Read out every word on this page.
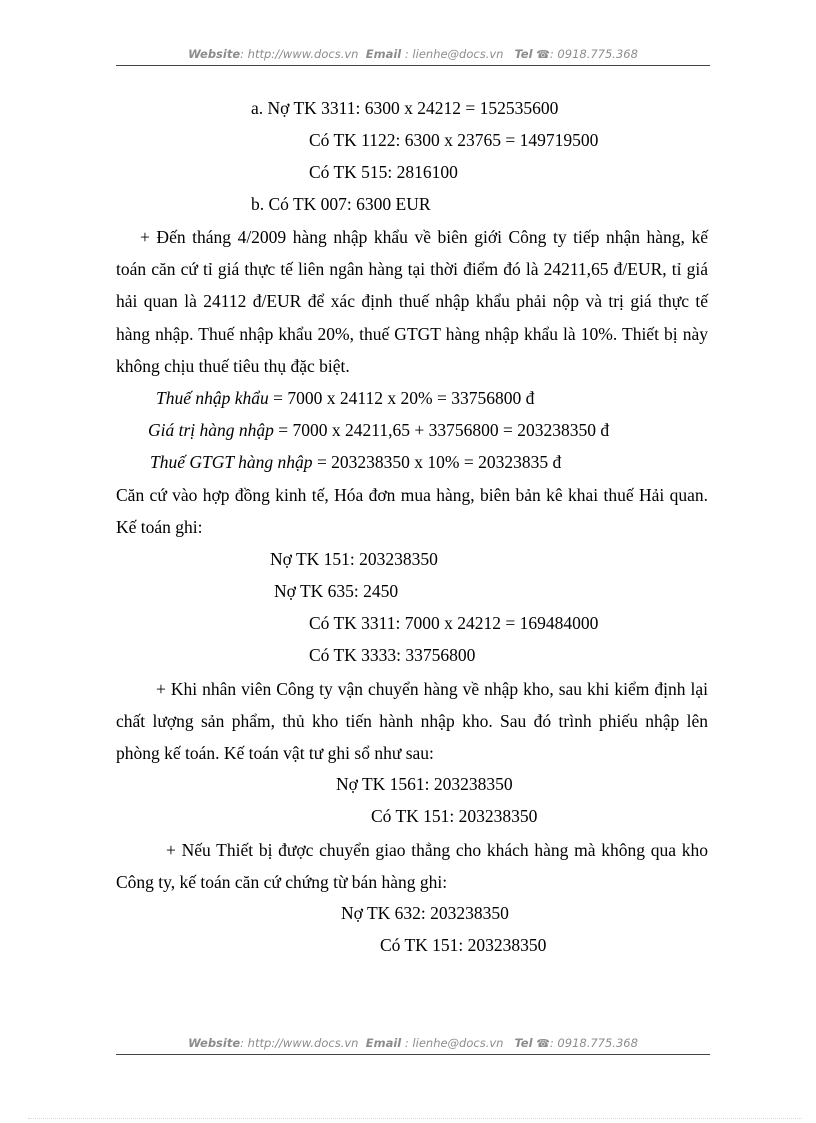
Website: http://www.docs.vn Email : lienhe@docs.vn Tel ☎: 0918.775.368
a. Nợ TK 3311: 6300 x 24212 = 152535600
Có TK 1122: 6300 x 23765 = 149719500
Có TK 515: 2816100
b. Có TK 007: 6300 EUR

+ Đến tháng 4/2009 hàng nhập khẩu về biên giới Công ty tiếp nhận hàng, kế toán căn cứ tỉ giá thực tế liên ngân hàng tại thời điểm đó là 24211,65 đ/EUR, tỉ giá hải quan là 24112 đ/EUR để xác định thuế nhập khẩu phải nộp và trị giá thực tế hàng nhập. Thuế nhập khẩu 20%, thuế GTGT hàng nhập khẩu là 10%. Thiết bị này không chịu thuế tiêu thụ đặc biệt.

Thuế nhập khẩu = 7000 x 24112 x 20% = 33756800 đ
Giá trị hàng nhập = 7000 x 24211,65 + 33756800 = 203238350 đ
Thuế GTGT hàng nhập = 203238350 x 10% = 20323835 đ

Căn cứ vào hợp đồng kinh tế, Hóa đơn mua hàng, biên bản kê khai thuế Hải quan. Kế toán ghi:

Nợ TK 151: 203238350
Nợ TK 635: 2450
Có TK 3311: 7000 x 24212 = 169484000
Có TK 3333: 33756800

+ Khi nhân viên Công ty vận chuyển hàng về nhập kho, sau khi kiểm định lại chất lượng sản phẩm, thủ kho tiến hành nhập kho. Sau đó trình phiếu nhập lên phòng kế toán. Kế toán vật tư ghi sổ như sau:

Nợ TK 1561: 203238350
Có TK 151: 203238350

+ Nếu Thiết bị được chuyển giao thẳng cho khách hàng mà không qua kho Công ty, kế toán căn cứ chứng từ bán hàng ghi:

Nợ TK 632: 203238350
Có TK 151: 203238350
Website: http://www.docs.vn Email : lienhe@docs.vn Tel ☎: 0918.775.368
